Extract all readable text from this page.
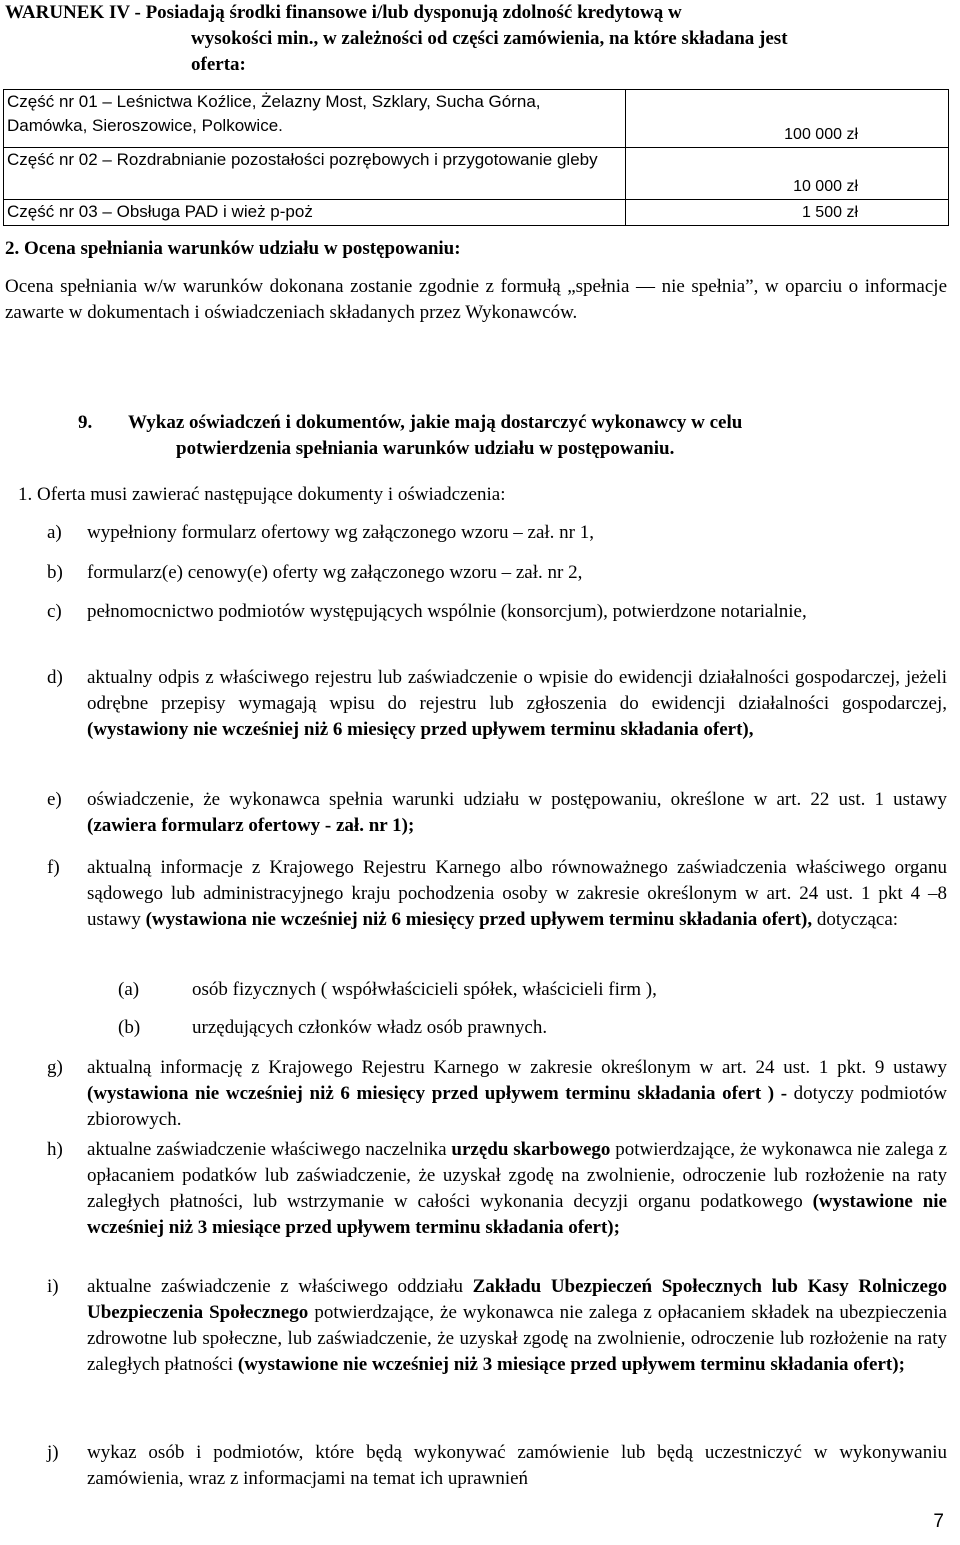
WARUNEK IV - Posiadają środki finansowe i/lub dysponują zdolność kredytową w
wysokości min., w zależności od części zamówienia, na które składana jest
oferta:
Część nr 01 – Leśnictwa Koźlice, Żelazny Most, Szklary, Sucha Górna, Damówka, Sieroszowice, Polkowice.	100 000 zł
Część nr 02 – Rozdrabnianie pozostałości pozrębowych i przygotowanie gleby	10 000 zł
Część nr 03 – Obsługa PAD i wież p-poż	1 500 zł
2. Ocena spełniania warunków udziału w postępowaniu:
Ocena spełniania w/w warunków dokonana zostanie zgodnie z formułą „spełnia — nie spełnia”, w oparciu o informacje zawarte w dokumentach i oświadczeniach składanych przez Wykonawców.
9. Wykaz oświadczeń i dokumentów, jakie mają dostarczyć wykonawcy w celu
potwierdzenia spełniania warunków udziału w postępowaniu.
1. Oferta musi zawierać następujące dokumenty i oświadczenia:
a) wypełniony formularz ofertowy wg załączonego wzoru – zał. nr 1,
b) formularz(e) cenowy(e) oferty wg załączonego wzoru – zał. nr 2,
c) pełnomocnictwo podmiotów występujących wspólnie (konsorcjum), potwierdzone notarialnie,
d) aktualny odpis z właściwego rejestru lub zaświadczenie o wpisie do ewidencji działalności gospodarczej, jeżeli odrębne przepisy wymagają wpisu do rejestru lub zgłoszenia do ewidencji działalności gospodarczej, (wystawiony nie wcześniej niż 6 miesięcy przed upływem terminu składania ofert),
e) oświadczenie, że wykonawca spełnia warunki udziału w postępowaniu, określone w art. 22 ust. 1 ustawy (zawiera formularz ofertowy - zał. nr 1);
f) aktualną informacje z Krajowego Rejestru Karnego albo równoważnego zaświadczenia właściwego organu sądowego lub administracyjnego kraju pochodzenia osoby w zakresie określonym w art. 24 ust. 1 pkt 4 –8 ustawy (wystawiona nie wcześniej niż 6 miesięcy przed upływem terminu składania ofert), dotycząca:
(a)	osób fizycznych ( współwłaścicieli spółek, właścicieli firm ),
(b)	urzędujących członków władz osób prawnych.
g) aktualną informację z Krajowego Rejestru Karnego w zakresie określonym w art. 24 ust. 1 pkt. 9 ustawy (wystawiona nie wcześniej niż 6 miesięcy przed upływem terminu składania ofert ) - dotyczy podmiotów zbiorowych.
h) aktualne zaświadczenie właściwego naczelnika urzędu skarbowego potwierdzające, że wykonawca nie zalega z opłacaniem podatków lub zaświadczenie, że uzyskał zgodę na zwolnienie, odroczenie lub rozłożenie na raty zaległych płatności, lub wstrzymanie w całości wykonania decyzji organu podatkowego (wystawione nie wcześniej niż 3 miesiące przed upływem terminu składania ofert);
i) aktualne zaświadczenie z właściwego oddziału Zakładu Ubezpieczeń Społecznych lub Kasy Rolniczego Ubezpieczenia Społecznego potwierdzające, że wykonawca nie zalega z opłacaniem składek na ubezpieczenia zdrowotne lub społeczne, lub zaświadczenie, że uzyskał zgodę na zwolnienie, odroczenie lub rozłożenie na raty zaległych płatności (wystawione nie wcześniej niż 3 miesiące przed upływem terminu składania ofert);
j) wykaz osób i podmiotów, które będą wykonywać zamówienie lub będą uczestniczyć w wykonywaniu zamówienia, wraz z informacjami na temat ich uprawnień
7
